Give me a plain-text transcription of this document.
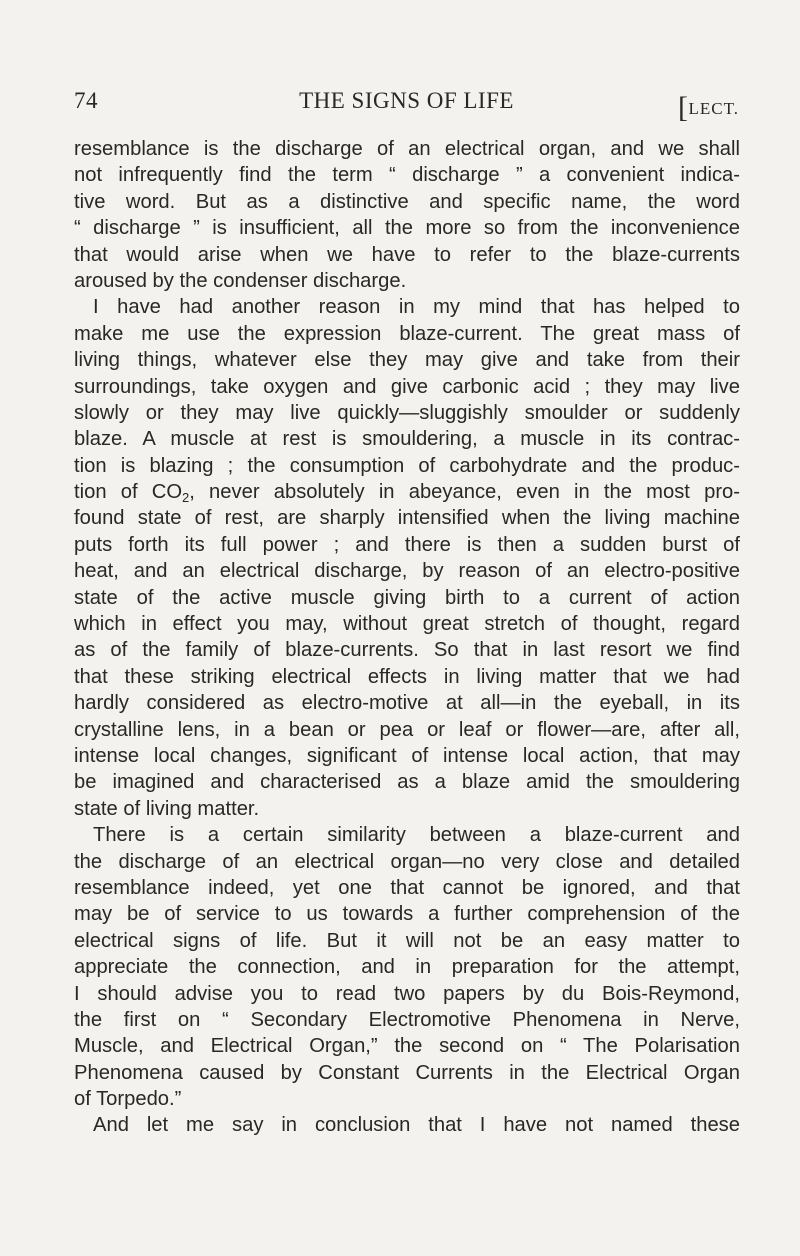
74	THE SIGNS OF LIFE	[LECT.
resemblance is the discharge of an electrical organ, and we shall
not infrequently find the term “ discharge ” a convenient indica-
tive word. But as a distinctive and specific name, the word
“ discharge ” is insufficient, all the more so from the inconvenience
that would arise when we have to refer to the blaze-currents
aroused by the condenser discharge.
I have had another reason in my mind that has helped to
make me use the expression blaze-current. The great mass of
living things, whatever else they may give and take from their
surroundings, take oxygen and give carbonic acid ; they may live
slowly or they may live quickly—sluggishly smoulder or suddenly
blaze. A muscle at rest is smouldering, a muscle in its contrac-
tion is blazing ; the consumption of carbohydrate and the produc-
tion of $CO_2$, never absolutely in abeyance, even in the most pro-
found state of rest, are sharply intensified when the living machine
puts forth its full power ; and there is then a sudden burst of
heat, and an electrical discharge, by reason of an electro-positive
state of the active muscle giving birth to a current of action
which in effect you may, without great stretch of thought, regard
as of the family of blaze-currents. So that in last resort we find
that these striking electrical effects in living matter that we had
hardly considered as electro-motive at all—in the eyeball, in its
crystalline lens, in a bean or pea or leaf or flower—are, after all,
intense local changes, significant of intense local action, that may
be imagined and characterised as a blaze amid the smouldering
state of living matter.
There is a certain similarity between a blaze-current and
the discharge of an electrical organ—no very close and detailed
resemblance indeed, yet one that cannot be ignored, and that
may be of service to us towards a further comprehension of the
electrical signs of life. But it will not be an easy matter to
appreciate the connection, and in preparation for the attempt,
I should advise you to read two papers by du Bois-Reymond,
the first on “ Secondary Electromotive Phenomena in Nerve,
Muscle, and Electrical Organ,” the second on “ The Polarisation
Phenomena caused by Constant Currents in the Electrical Organ
of Torpedo.”
And let me say in conclusion that I have not named these
